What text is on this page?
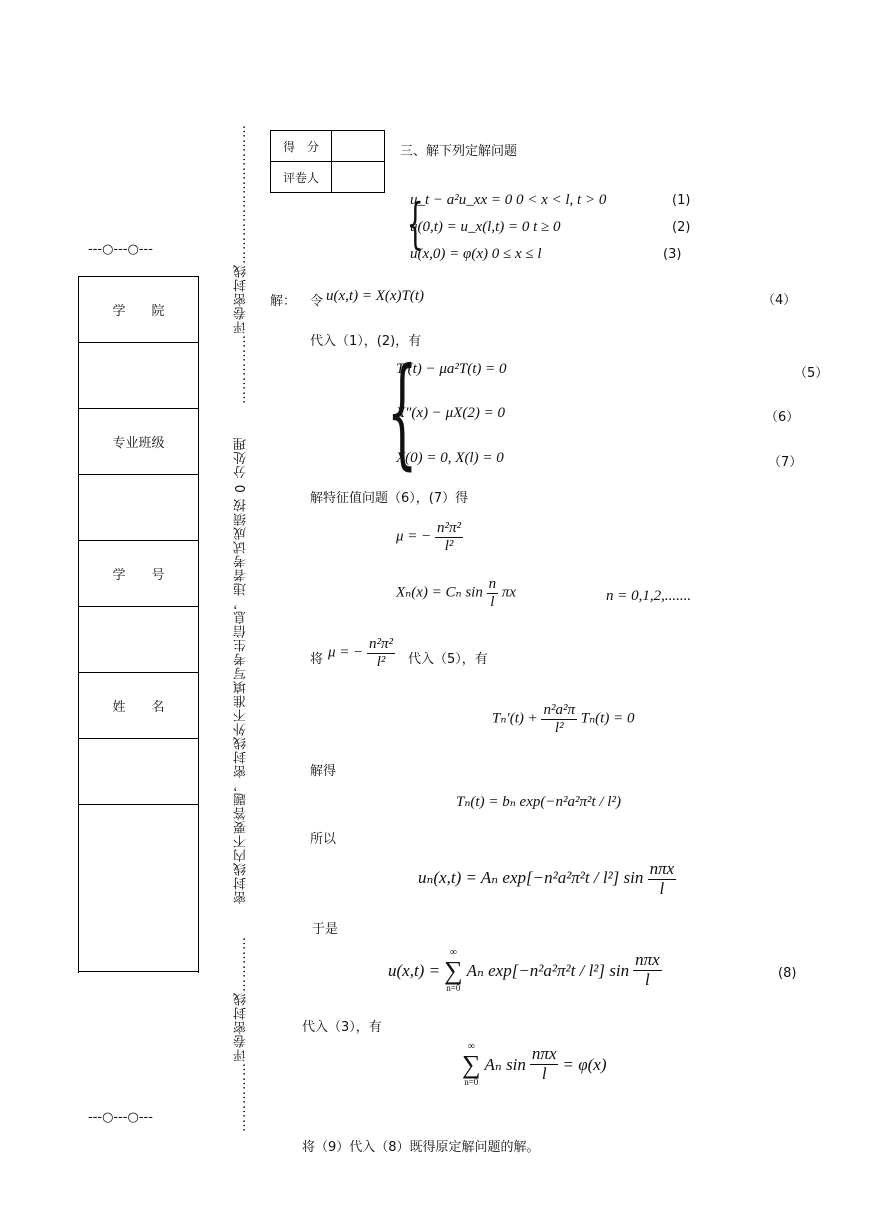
---○---○---
学　　院
专业班级
学　　号
姓　　名
---○---○---	……………评卷密封线…………
密封线内不要答题，密封线外不准填写考生信息，违者考试成绩按 0 分处理
……………评卷密封线…………………………	得　分	
评卷人	
三、解下列定解问题
{
u_t − a²u_xx = 0 0 < x < l, t > 0	(1)
u(0,t) = u_x(l,t) = 0 t ≥ 0	(2)
u(x,0) = φ(x) 0 ≤ x ≤ l	(3)
解： 令 u(x,t) = X(x)T(t)	（4）
代入（1），(2)，有
{
T′(t) − μa²T(t) = 0	（5）
X″(x) − μX(2) = 0	（6）
X(0) = 0, X(l) = 0	（7）
解特征值问题（6），(7）得
μ = − $\frac{\text{n²π²}}{\text{l²}}$
Xₙ(x) = Cₙ $\sin \frac{n}{l}$ πx	n = 0,1,2,.......
将 μ = − $\frac{\text{n²π²}}{\text{l²}}$ 代入（5），有
$T_n'(t) + \frac{\text{n²a²π}}{\text{l²}} T_n(t) = 0$
解得
Tₙ(t) = bₙ exp(−n²a²π²t / l²)
所以
uₙ(x,t) = Aₙ exp[−n²a²π²t / l²] $\sin \frac{\text{nπx}}{l}$
于是
u(x,t) =
∞
∑
n=0
Aₙ exp[−n²a²π²t / l²] $\sin \frac{\text{nπx}}{l}$	(8)
代入（3），有
∞
∑
n=0
Aₙ $\sin \frac{\text{nπx}}{l} = \varphi(x)$
将（9）代入（8）既得原定解问题的解。
